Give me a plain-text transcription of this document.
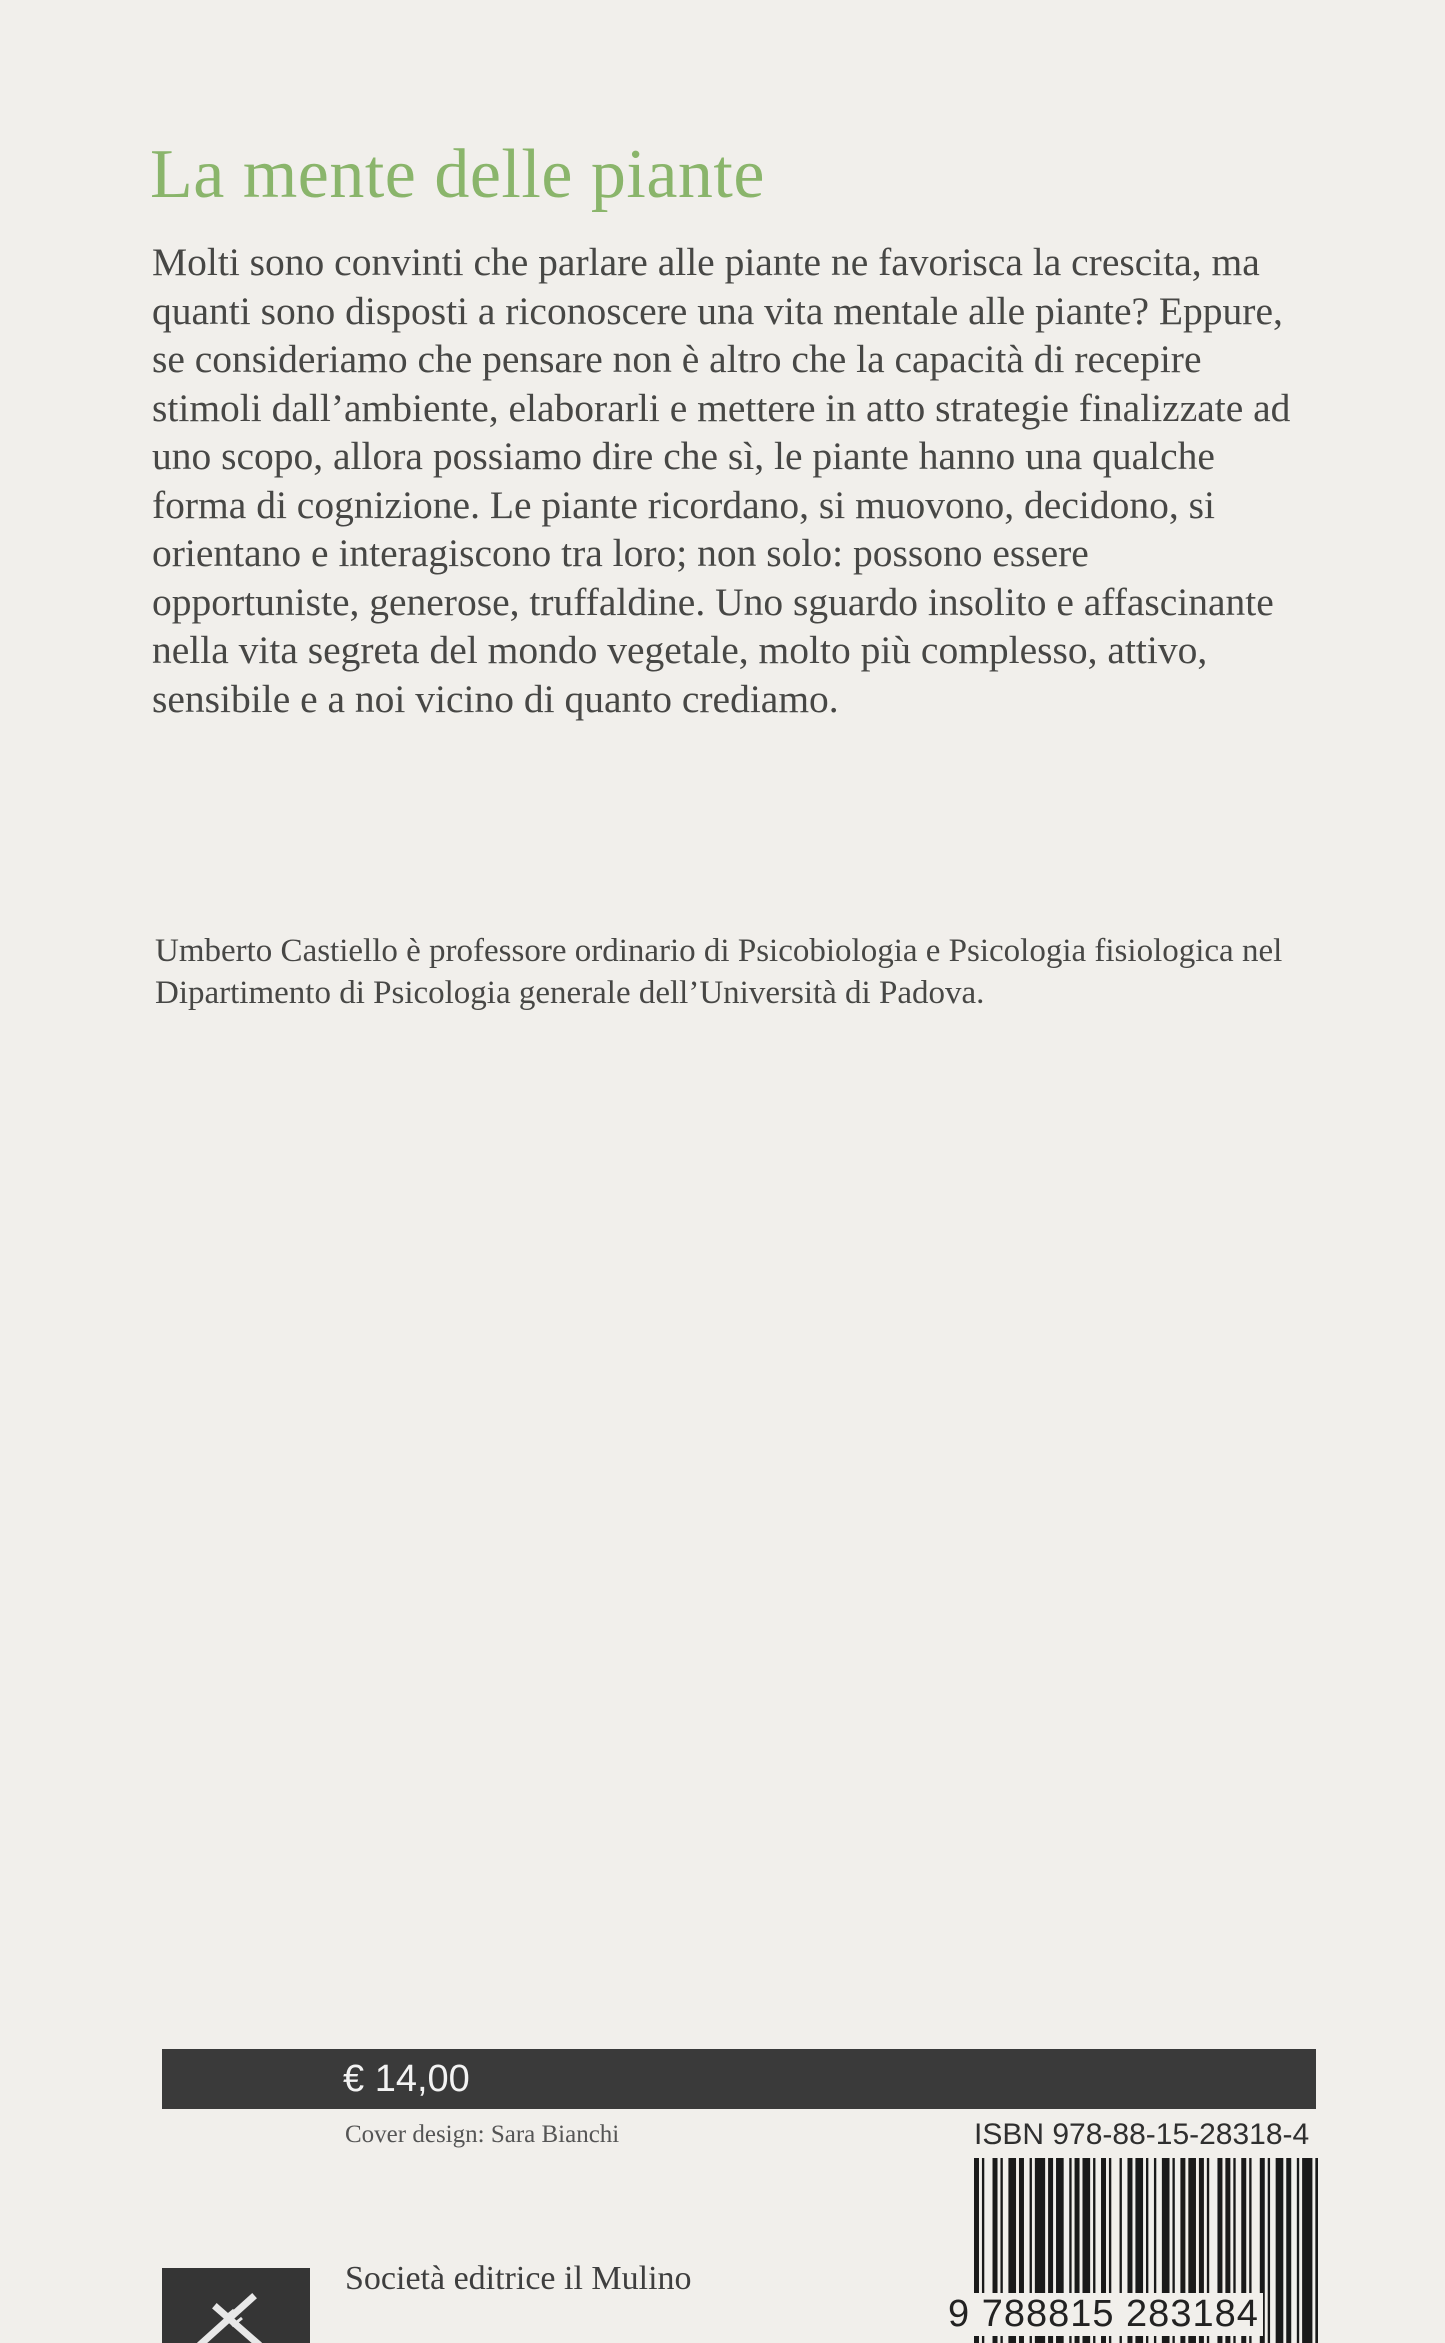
La mente delle piante

Molti sono convinti che parlare alle piante ne favorisca la crescita, ma quanti sono disposti a riconoscere una vita mentale alle piante? Eppure, se consideriamo che pensare non è altro che la capacità di recepire stimoli dall’ambiente, elaborarli e mettere in atto strategie finalizzate ad uno scopo, allora possiamo dire che sì, le piante hanno una qualche forma di cognizione. Le piante ricordano, si muovono, decidono, si orientano e interagiscono tra loro; non solo: possono essere opportuniste, generose, truffaldine. Uno sguardo insolito e affascinante nella vita segreta del mondo vegetale, molto più complesso, attivo, sensibile e a noi vicino di quanto crediamo.

Umberto Castiello è professore ordinario di Psicobiologia e Psicologia fisiologica nel Dipartimento di Psicologia generale dell’Università di Padova.

€ 14,00
Cover design: Sara Bianchi	ISBN 978-88-15-28318-4
9 788815 283184
Società editrice il Mulino
